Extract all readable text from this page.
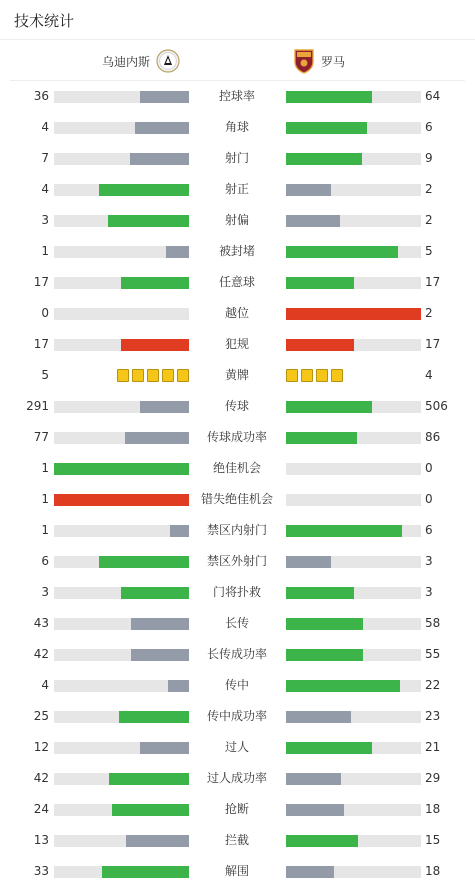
技术统计
乌迪内斯	罗马
36	控球率	64
4	角球	6
7	射门	9
4	射正	2
3	射偏	2
1	被封堵	5
17	任意球	17
0	越位	2
17	犯规	17
5	黄牌	4
291	传球	506
77	传球成功率	86
1	绝佳机会	0
1	错失绝佳机会	0
1	禁区内射门	6
6	禁区外射门	3
3	门将扑救	3
43	长传	58
42	长传成功率	55
4	传中	22
25	传中成功率	23
12	过人	21
42	过人成功率	29
24	抢断	18
13	拦截	15
33	解围	18
